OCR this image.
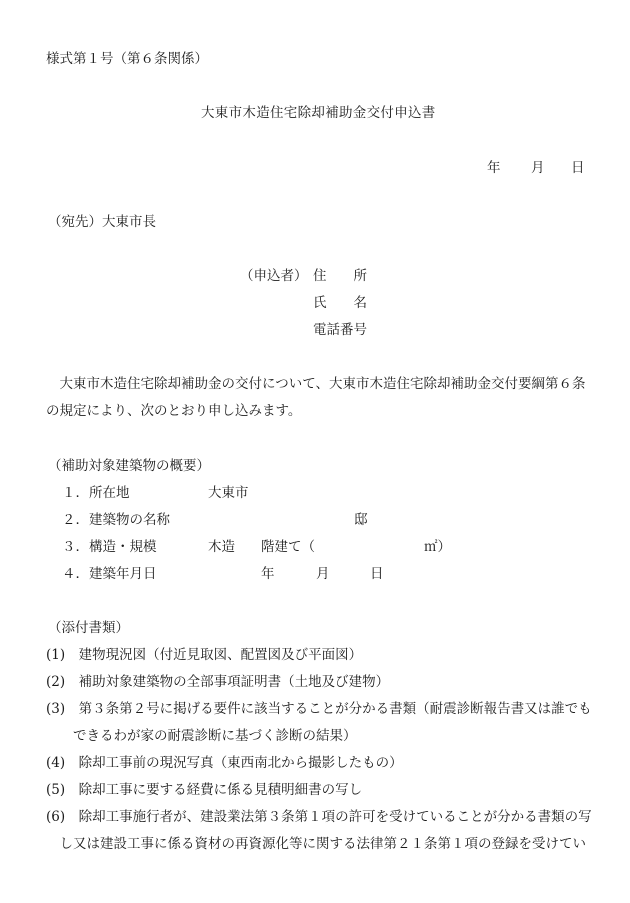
様式第１号（第６条関係）
大東市木造住宅除却補助金交付申込書
年 月 日
（宛先）大東市長
（申込者） 住　　所
氏　　名
電話番号
　大東市木造住宅除却補助金の交付について、大東市木造住宅除却補助金交付要綱第６条
の規定により、次のとおり申し込みます。
（補助対象建築物の概要）
１．所在地	大東市
２．建築物の名称	邸
３．構造・規模	木造 階建て（	㎡）
４．建築年月日	年	月	日
（添付書類）
(1)　建物現況図（付近見取図、配置図及び平面図）
(2)　補助対象建築物の全部事項証明書（土地及び建物）
(3)　第３条第２号に掲げる要件に該当することが分かる書類（耐震診断報告書又は誰でも
　　できるわが家の耐震診断に基づく診断の結果）
(4)　除却工事前の現況写真（東西南北から撮影したもの）
(5)　除却工事に要する経費に係る見積明細書の写し
(6)　除却工事施行者が、建設業法第３条第１項の許可を受けていることが分かる書類の写
　し又は建設工事に係る資材の再資源化等に関する法律第２１条第１項の登録を受けてい
